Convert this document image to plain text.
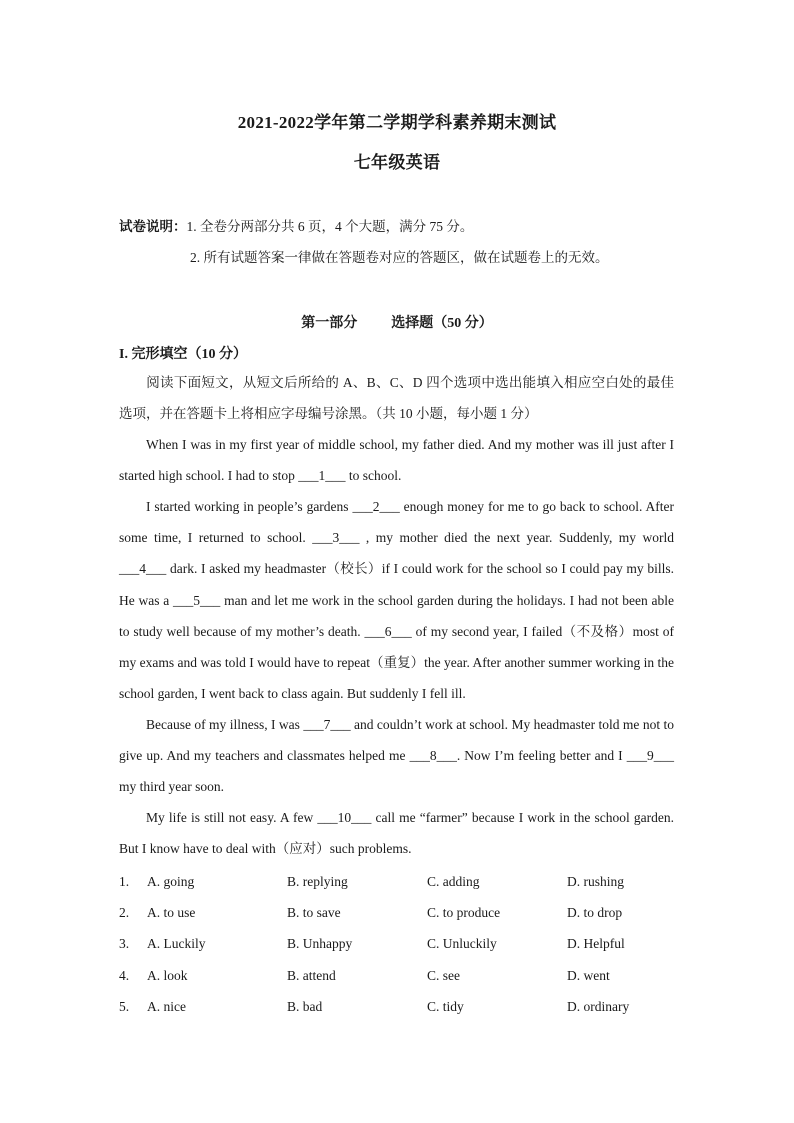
2021-2022学年第二学期学科素养期末测试
七年级英语
试卷说明：1. 全卷分两部分共 6 页，4 个大题，满分 75 分。
2. 所有试题答案一律做在答题卷对应的答题区，做在试题卷上的无效。
第一部分 选择题（50 分）
I. 完形填空（10 分）
阅读下面短文，从短文后所给的 A、B、C、D 四个选项中选出能填入相应空白处的最佳选项，并在答题卡上将相应字母编号涂黑。（共 10 小题，每小题 1 分）
When I was in my first year of middle school, my father died. And my mother was ill just after I started high school. I had to stop ___1___ to school.
I started working in people’s gardens ___2___ enough money for me to go back to school. After some time, I returned to school. ___3___ , my mother died the next year. Suddenly, my world ___4___ dark. I asked my headmaster（校长）if I could work for the school so I could pay my bills. He was a ___5___ man and let me work in the school garden during the holidays. I had not been able to study well because of my mother’s death. ___6___ of my second year, I failed（不及格）most of my exams and was told I would have to repeat（重复）the year. After another summer working in the school garden, I went back to class again. But suddenly I fell ill.
Because of my illness, I was ___7___ and couldn’t work at school. My headmaster told me not to give up. And my teachers and classmates helped me ___8___. Now I’m feeling better and I ___9___ my third year soon.
My life is still not easy. A few ___10___ call me “farmer” because I work in the school garden. But I know have to deal with（应对）such problems.
1. A. going	B. replying	C. adding	D. rushing
2. A. to use	B. to save	C. to produce	D. to drop
3. A. Luckily	B. Unhappy	C. Unluckily	D. Helpful
4. A. look	B. attend	C. see	D. went
5. A. nice	B. bad	C. tidy	D. ordinary
